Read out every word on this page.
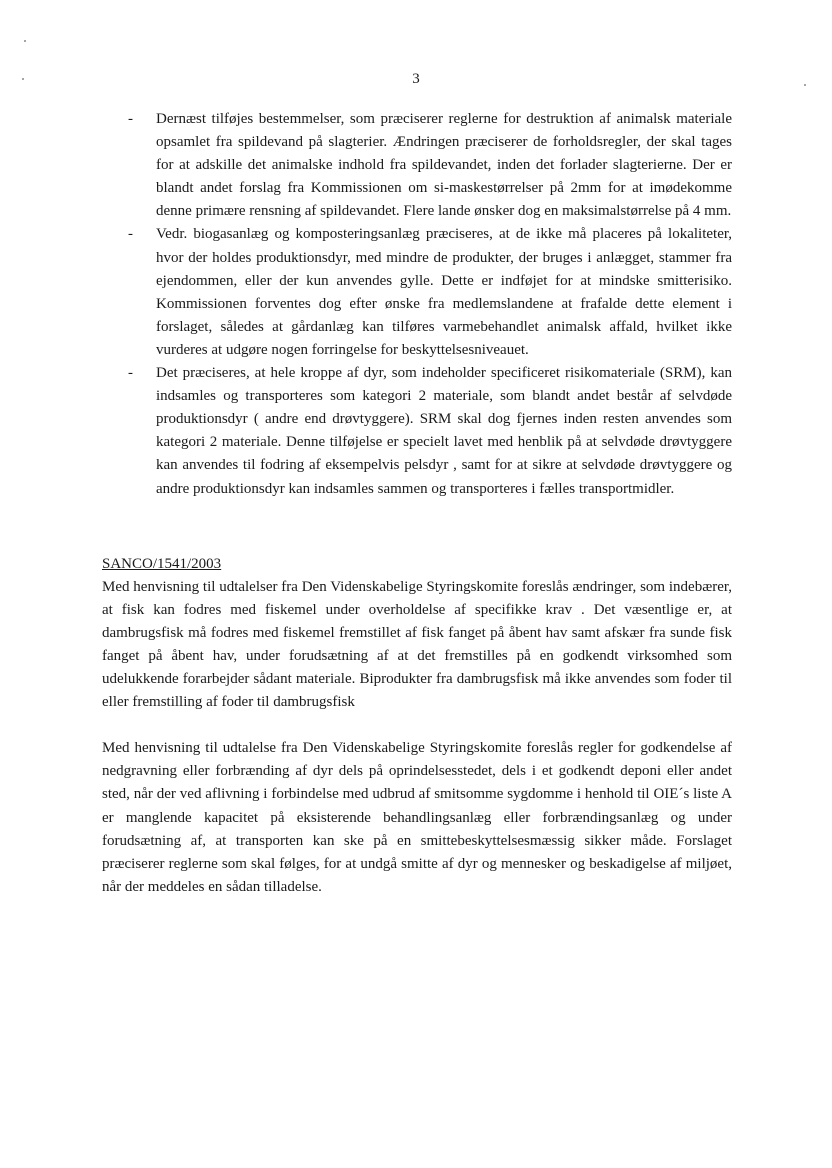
3
- Dernæst tilføjes bestemmelser, som præciserer reglerne for destruktion af animalsk materiale opsamlet fra spildevand på slagterier. Ændringen præciserer de forholdsregler, der skal tages for at adskille det animalske indhold fra spildevandet, inden det forlader slagterierne. Der er blandt andet forslag fra Kommissionen om si-maskestørrelser på 2mm for at imødekomme denne primære rensning af spildevandet. Flere lande ønsker dog en maksimalstørrelse på 4 mm.
- Vedr. biogasanlæg og komposteringsanlæg præciseres, at de ikke må placeres på lokaliteter, hvor der holdes produktionsdyr, med mindre de produkter, der bruges i anlægget, stammer fra ejendommen, eller der kun anvendes gylle. Dette er indføjet for at mindske smitterisiko. Kommissionen forventes dog efter ønske fra medlemslandene at frafalde dette element i forslaget, således at gårdanlæg kan tilføres varmebehandlet animalsk affald, hvilket ikke vurderes at udgøre nogen forringelse for beskyttelsesniveauet.
- Det præciseres, at hele kroppe af dyr, som indeholder specificeret risikomateriale (SRM), kan indsamles og transporteres som kategori 2 materiale, som blandt andet består af selvdøde produktionsdyr ( andre end drøvtyggere). SRM skal dog fjernes inden resten anvendes som kategori 2 materiale. Denne tilføjelse er specielt lavet med henblik på at selvdøde drøvtyggere kan anvendes til fodring af eksempelvis pelsdyr , samt for at sikre at selvdøde drøvtyggere og andre produktionsdyr kan indsamles sammen og transporteres i fælles transportmidler.
SANCO/1541/2003

Med henvisning til udtalelser fra Den Videnskabelige Styringskomite foreslås ændringer, som indebærer, at fisk kan fodres med fiskemel under overholdelse af specifikke krav . Det væsentlige er, at dambrugsfisk må fodres med fiskemel fremstillet af fisk fanget på åbent hav samt afskær fra sunde fisk fanget på åbent hav, under forudsætning af at det fremstilles på en godkendt virksomhed som udelukkende forarbejder sådant materiale. Biprodukter fra dambrugsfisk må ikke anvendes som foder til eller fremstilling af foder til dambrugsfisk

Med henvisning til udtalelse fra Den Videnskabelige Styringskomite foreslås regler for godkendelse af nedgravning eller forbrænding af dyr dels på oprindelsesstedet, dels i et godkendt deponi eller andet sted, når der ved aflivning i forbindelse med udbrud af smitsomme sygdomme i henhold til OIE´s liste A er manglende kapacitet på eksisterende behandlingsanlæg eller forbrændingsanlæg og under forudsætning af, at transporten kan ske på en smittebeskyttelsesmæssig sikker måde. Forslaget præciserer reglerne som skal følges, for at undgå smitte af dyr og mennesker og beskadigelse af miljøet, når der meddeles en sådan tilladelse.
